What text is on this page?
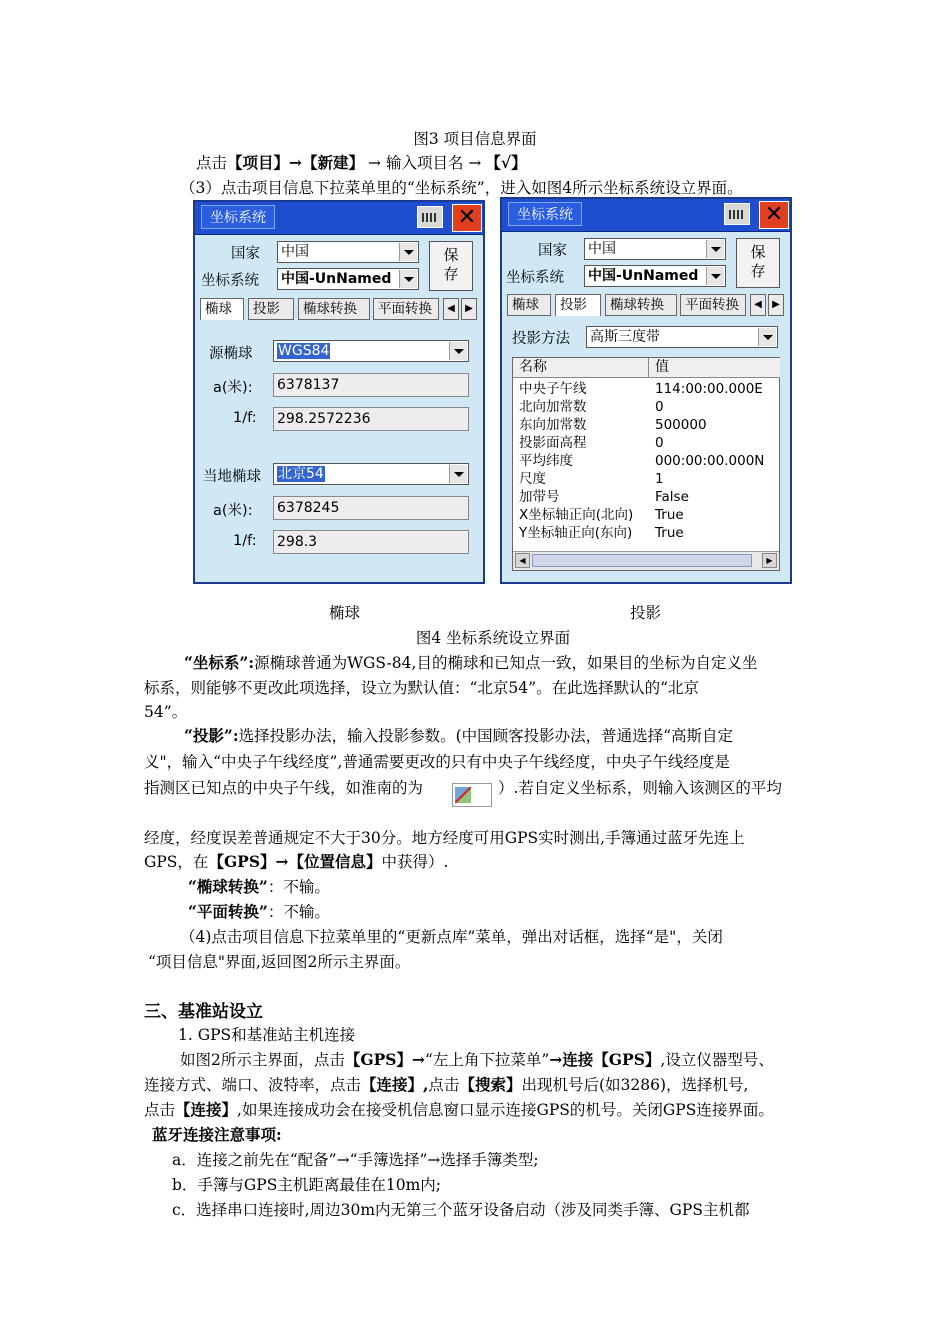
图3 项目信息界面
点击【项目】→【新建】 → 输入项目名 → 【√】
（3）点击项目信息下拉菜单里的“坐标系统”，进入如图4所示坐标系统设立界面。
坐标系统	✕
国家 中国
坐标系统 中国-UnNamed
保存
椭球	投影	椭球转换	平面转换	◀	▶
源椭球	WGS84
a(米): 6378137
1/f: 298.2572236
当地椭球	北京54
a(米): 6378245
1/f: 298.3
坐标系统	✕
国家 中国
坐标系统 中国-UnNamed
保存
椭球	投影	椭球转换	平面转换	◀	▶
投影方法 高斯三度带
名称	值
中央子午线	114:00:00.000E
北向加常数	0
东向加常数	500000
投影面高程	0
平均纬度	000:00:00.000N
尺度	1
加带号	False
X坐标轴正向(北向) True
Y坐标轴正向(东向) True
◀	▶
椭球	投影
图4 坐标系统设立界面
“坐标系”:源椭球普通为WGS-84,目的椭球和已知点一致，如果目的坐标为自定义坐
标系，则能够不更改此项选择，设立为默认值：“北京54”。在此选择默认的“北京
54”。
“投影”:选择投影办法，输入投影参数。(中国顾客投影办法，普通选择“高斯自定
义"，输入“中央子午线经度”,普通需要更改的只有中央子午线经度，中央子午线经度是
指测区已知点的中央子午线，如淮南的为	）.若自定义坐标系，则输入该测区的平均
经度，经度误差普通规定不大于30分。地方经度可用GPS实时测出,手簿通过蓝牙先连上
GPS，在【GPS】→【位置信息】中获得）.
“椭球转换”：不输。
“平面转换”：不输。
（4)点击项目信息下拉菜单里的“更新点库”菜单，弹出对话框，选择“是"，关闭
“项目信息"界面,返回图2所示主界面。
三、基准站设立
1. GPS和基准站主机连接
如图2所示主界面，点击【GPS】→“左上角下拉菜单”→连接【GPS】,设立仪器型号、
连接方式、端口、波特率，点击【连接】,点击【搜索】出现机号后(如3286)，选择机号,
点击【连接】,如果连接成功会在接受机信息窗口显示连接GPS的机号。关闭GPS连接界面。
蓝牙连接注意事项:
a．连接之前先在“配备”→“手簿选择”→选择手簿类型;
b．手簿与GPS主机距离最佳在10m内;
c．选择串口连接时,周边30m内无第三个蓝牙设备启动（涉及同类手簿、GPS主机都
